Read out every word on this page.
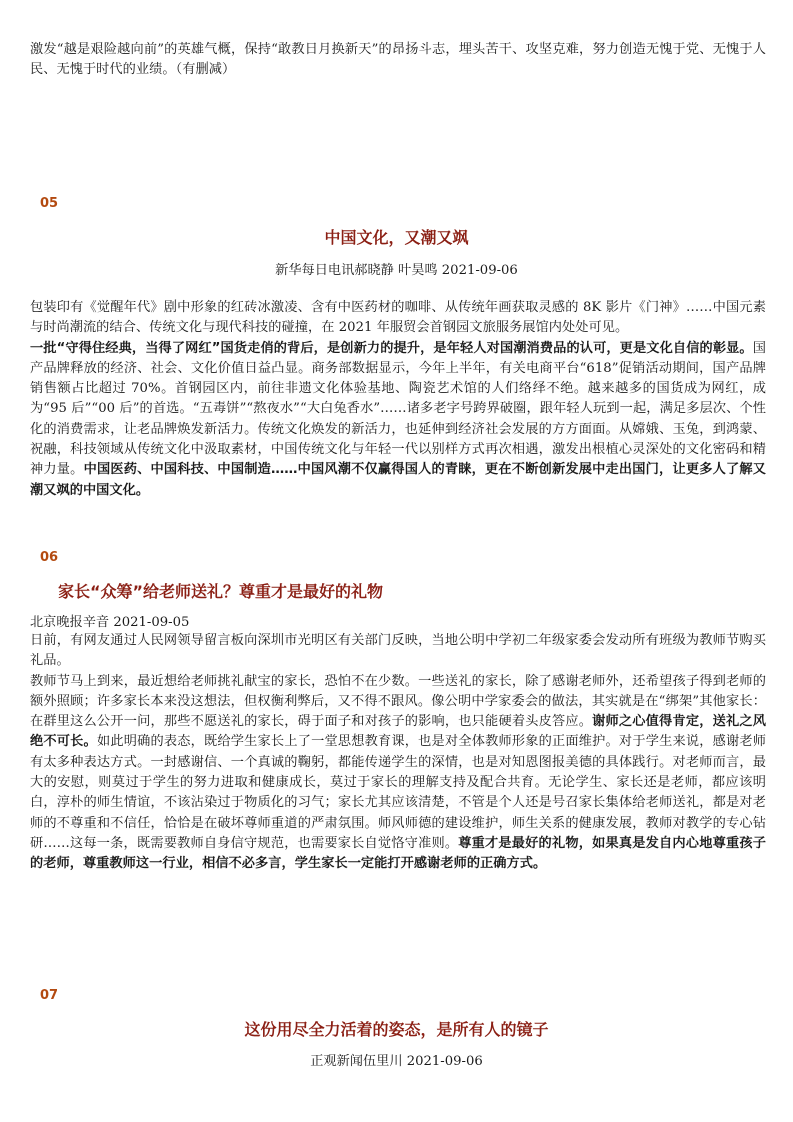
激发“越是艰险越向前”的英雄气概，保持“敢教日月换新天”的昂扬斗志，埋头苦干、攻坚克难，努力创造无愧于党、无愧于人民、无愧于时代的业绩。（有删减）

05
中国文化，又潮又飒
新华每日电讯郝晓静 叶昊鸣 2021-09-06

包装印有《觉醒年代》剧中形象的红砖冰激凌、含有中医药材的咖啡、从传统年画获取灵感的 8K 影片《门神》……中国元素与时尚潮流的结合、传统文化与现代科技的碰撞，在 2021 年服贸会首钢园文旅服务展馆内处处可见。

一批“守得住经典，当得了网红”国货走俏的背后，是创新力的提升，是年轻人对国潮消费品的认可，更是文化自信的彰显。国产品牌释放的经济、社会、文化价值日益凸显。商务部数据显示，今年上半年，有关电商平台“618”促销活动期间，国产品牌销售额占比超过 70%。首钢园区内，前往非遗文化体验基地、陶瓷艺术馆的人们络绎不绝。越来越多的国货成为网红，成为“95 后”“00 后”的首选。“五毒饼”“熬夜水”“大白兔香水”……诸多老字号跨界破圈，跟年轻人玩到一起，满足多层次、个性化的消费需求，让老品牌焕发新活力。传统文化焕发的新活力，也延伸到经济社会发展的方方面面。从嫦娥、玉兔，到鸿蒙、祝融，科技领域从传统文化中汲取素材，中国传统文化与年轻一代以别样方式再次相遇，激发出根植心灵深处的文化密码和精神力量。中国医药、中国科技、中国制造……中国风潮不仅赢得国人的青睐，更在不断创新发展中走出国门，让更多人了解又潮又飒的中国文化。

06
家长“众筹”给老师送礼？尊重才是最好的礼物
北京晚报辛音 2021-09-05

日前，有网友通过人民网领导留言板向深圳市光明区有关部门反映，当地公明中学初二年级家委会发动所有班级为教师节购买礼品。

教师节马上到来，最近想给老师挑礼献宝的家长，恐怕不在少数。一些送礼的家长，除了感谢老师外，还希望孩子得到老师的额外照顾；许多家长本来没这想法，但权衡利弊后，又不得不跟风。像公明中学家委会的做法，其实就是在“绑架”其他家长：在群里这么公开一问，那些不愿送礼的家长，碍于面子和对孩子的影响，也只能硬着头皮答应。谢师之心值得肯定，送礼之风绝不可长。如此明确的表态，既给学生家长上了一堂思想教育课，也是对全体教师形象的正面维护。对于学生来说，感谢老师有太多种表达方式。一封感谢信、一个真诚的鞠躬，都能传递学生的深情，也是对知恩图报美德的具体践行。对老师而言，最大的安慰，则莫过于学生的努力进取和健康成长，莫过于家长的理解支持及配合共育。无论学生、家长还是老师，都应该明白，淳朴的师生情谊，不该沾染过于物质化的习气；家长尤其应该清楚，不管是个人还是号召家长集体给老师送礼，都是对老师的不尊重和不信任，恰恰是在破坏尊师重道的严肃氛围。师风师德的建设维护，师生关系的健康发展，教师对教学的专心钻研……这每一条，既需要教师自身信守规范，也需要家长自觉恪守准则。尊重才是最好的礼物，如果真是发自内心地尊重孩子的老师，尊重教师这一行业，相信不必多言，学生家长一定能打开感谢老师的正确方式。

07
这份用尽全力活着的姿态，是所有人的镜子
正观新闻伍里川 2021-09-06
